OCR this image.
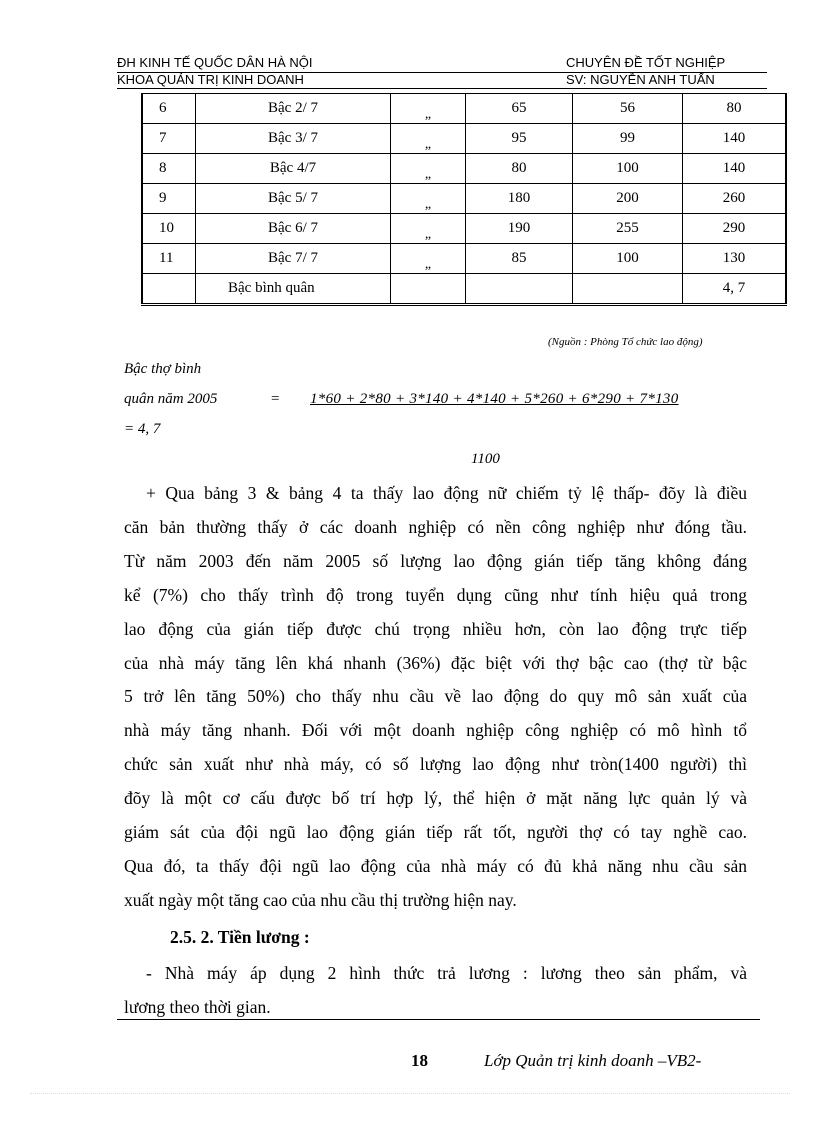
ĐH KINH TẾ QUỐC DÂN HÀ NỘI	CHUYÊN ĐỀ TỐT NGHIỆP
KHOA QUẢN TRỊ KINH DOANH	SV: NGUYỄN ANH TUẤN
6	Bậc 2/ 7	„	65	56	80
7	Bậc 3/ 7	„	95	99	140
8	Bậc 4/7	„	80	100	140
9	Bậc 5/ 7	„	180	200	260
10	Bậc 6/ 7	„	190	255	290
11	Bậc 7/ 7	„	85	100	130
	Bậc bình quân				4, 7
(Nguồn : Phòng Tổ chức lao động)
Bậc thợ bình
quân năm 2005	= 1*60 + 2*80 + 3*140 + 4*140 + 5*260 + 6*290 + 7*130
= 4, 7
1100
+ Qua bảng 3 & bảng 4 ta thấy lao động nữ chiếm tỷ lệ thấp- đõy là điều
căn bản thường thấy ở các doanh nghiệp có nền công nghiệp như đóng tầu.
Từ năm 2003 đến năm 2005 số lượng lao động gián tiếp tăng không đáng
kể (7%) cho thấy trình độ trong tuyển dụng cũng như tính hiệu quả trong
lao động của gián tiếp được chú trọng nhiều hơn, còn lao động trực tiếp
của nhà máy tăng lên khá nhanh (36%) đặc biệt với thợ bậc cao (thợ từ bậc
5 trở lên tăng 50%) cho thấy nhu cầu về lao động do quy mô sản xuất của
nhà máy tăng nhanh. Đối với một doanh nghiệp công nghiệp có mô hình tổ
chức sản xuất như nhà máy, có số lượng lao động như tròn(1400 người) thì
đõy là một cơ cấu được bố trí hợp lý, thể hiện ở mặt năng lực quản lý và
giám sát của đội ngũ lao động gián tiếp rất tốt, người thợ có tay nghề cao.
Qua đó, ta thấy đội ngũ lao động của nhà máy có đủ khả năng nhu cầu sản
xuất ngày một tăng cao của nhu cầu thị trường hiện nay.
2.5. 2. Tiền lương :
- Nhà máy áp dụng 2 hình thức trả lương : lương theo sản phẩm, và
lương theo thời gian.
18	Lớp Quản trị kinh doanh –VB2-
